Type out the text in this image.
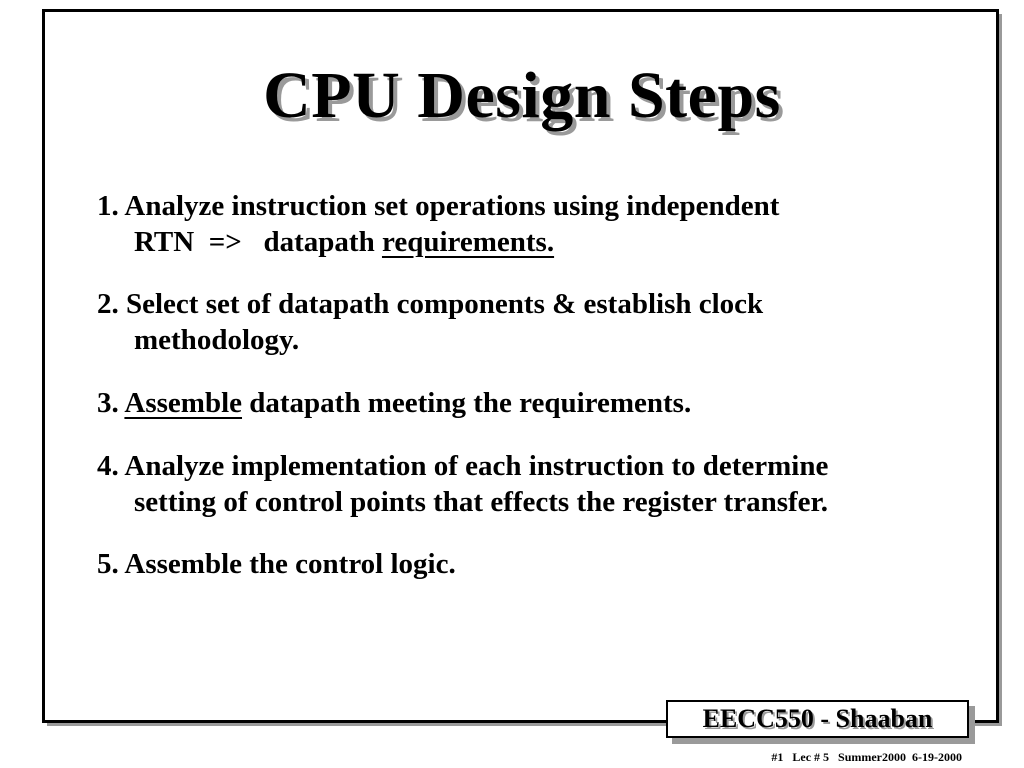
CPU Design Steps
1. Analyze instruction set operations using independent
RTN  =>   datapath requirements.
2. Select set of datapath components & establish clock
methodology.
3. Assemble datapath meeting the requirements.
4. Analyze implementation of each instruction to determine
setting of control points that effects the register transfer.
5. Assemble the control logic.
EECC550 - Shaaban
#1   Lec # 5   Summer2000  6-19-2000
